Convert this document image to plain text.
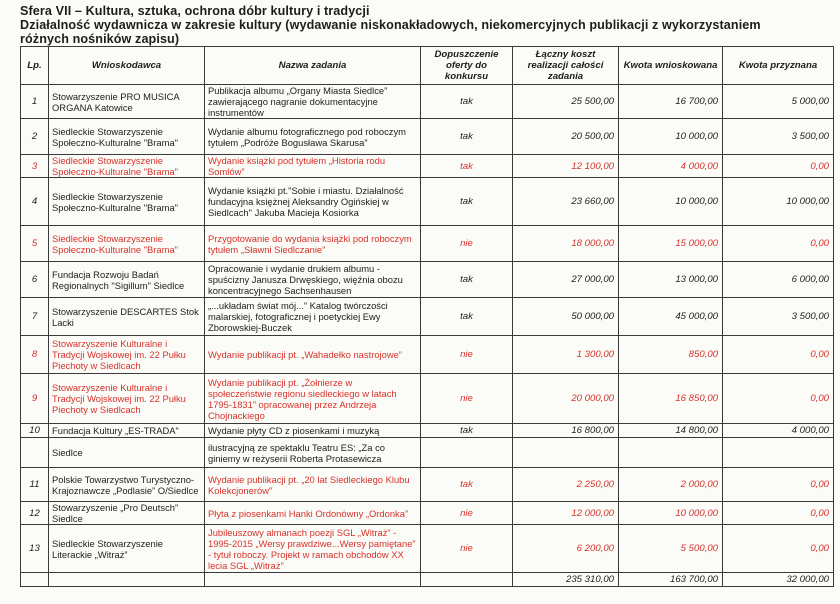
Sfera VII – Kultura, sztuka, ochrona dóbr kultury i tradycji
Działalność wydawnicza w zakresie kultury (wydawanie niskonakładowych, niekomercyjnych publikacji z wykorzystaniem
różnych nośników zapisu)
Lp.	Wnioskodawca	Nazwa zadania	Dopuszczenie oferty do konkursu	Łączny koszt realizacji całości zadania	Kwota wnioskowana	Kwota przyznana
1	Stowarzyszenie PRO MUSICA ORGANA Katowice	Publikacja albumu „Organy Miasta Siedlce” zawierającego nagranie dokumentacyjne instrumentów	tak	25 500,00	16 700,00	5 000,00
2	Siedleckie Stowarzyszenie Społeczno-Kulturalne "Brama"	Wydanie albumu fotograficznego pod roboczym tytułem „Podróże Bogusława Skarusa”	tak	20 500,00	10 000,00	3 500,00
3	Siedleckie Stowarzyszenie Społeczno-Kulturalne "Brama"	Wydanie książki pod tytułem „Historia rodu Somlów”	tak	12 100,00	4 000,00	0,00
4	Siedleckie Stowarzyszenie Społeczno-Kulturalne "Brama"	Wydanie książki pt."Sobie i miastu. Działalność fundacyjna księżnej Aleksandry Ogińskiej w Siedlcach" Jakuba Macieja Kosiorka	tak	23 660,00	10 000,00	10 000,00
5	Siedleckie Stowarzyszenie Społeczno-Kulturalne "Brama"	Przygotowanie do wydania książki pod roboczym tytułem „Sławni Siedlczanie”	nie	18 000,00	15 000,00	0,00
6	Fundacja Rozwoju Badań Regionalnych "Sigillum" Siedlce	Opracowanie i wydanie drukiem albumu - spuścizny Janusza Drwęskiego, więźnia obozu koncentracyjnego Sachsenhausen	tak	27 000,00	13 000,00	6 000,00
7	Stowarzyszenie DESCARTES Stok Lacki	„...układam świat mój...” Katalog twórczości malarskiej, fotograficznej i poetyckiej Ewy Zborowskiej-Buczek	tak	50 000,00	45 000,00	3 500,00
8	Stowarzyszenie Kulturalne i Tradycji Wojskowej im. 22 Pułku Piechoty w Siedlcach	Wydanie publikacji pt. „Wahadełko nastrojowe”	nie	1 300,00	850,00	0,00
9	Stowarzyszenie Kulturalne i Tradycji Wojskowej im. 22 Pułku Piechoty w Siedlcach	Wydanie publikacji pt. „Żołnierze w społeczeństwie regionu siedleckiego w latach 1795-1831” opracowanej przez Andrzeja Chojnackiego	nie	20 000,00	16 850,00	0,00
10	Fundacja Kultury „ES-TRADA”	Wydanie płyty CD z piosenkami i muzyką	tak	16 800,00	14 800,00	4 000,00
	Siedlce	ilustracyjną ze spektaklu Teatru ES: „Za co giniemy w reżyserii Roberta Protasewicza				
11	Polskie Towarzystwo Turystyczno-Krajoznawcze „Podlasie” O/Siedlce	Wydanie publikacji pt. „20 lat Siedleckiego Klubu Kolekcjonerów”	tak	2 250,00	2 000,00	0,00
12	Stowarzyszenie „Pro Deutsch” Siedlce	Płyta z piosenkami Hanki Ordonówny „Ordonka”	nie	12 000,00	10 000,00	0,00
13	Siedleckie Stowarzyszenie Literackie „Witraż”	Jubileuszowy almanach poezji SGL „Witraż” - 1995-2015 „Wersy prawdziwe...Wersy pamiętane” - tytuł roboczy. Projekt w ramach obchodów XX lecia SGL „Witraż”	nie	6 200,00	5 500,00	0,00
				235 310,00	163 700,00	32 000,00
